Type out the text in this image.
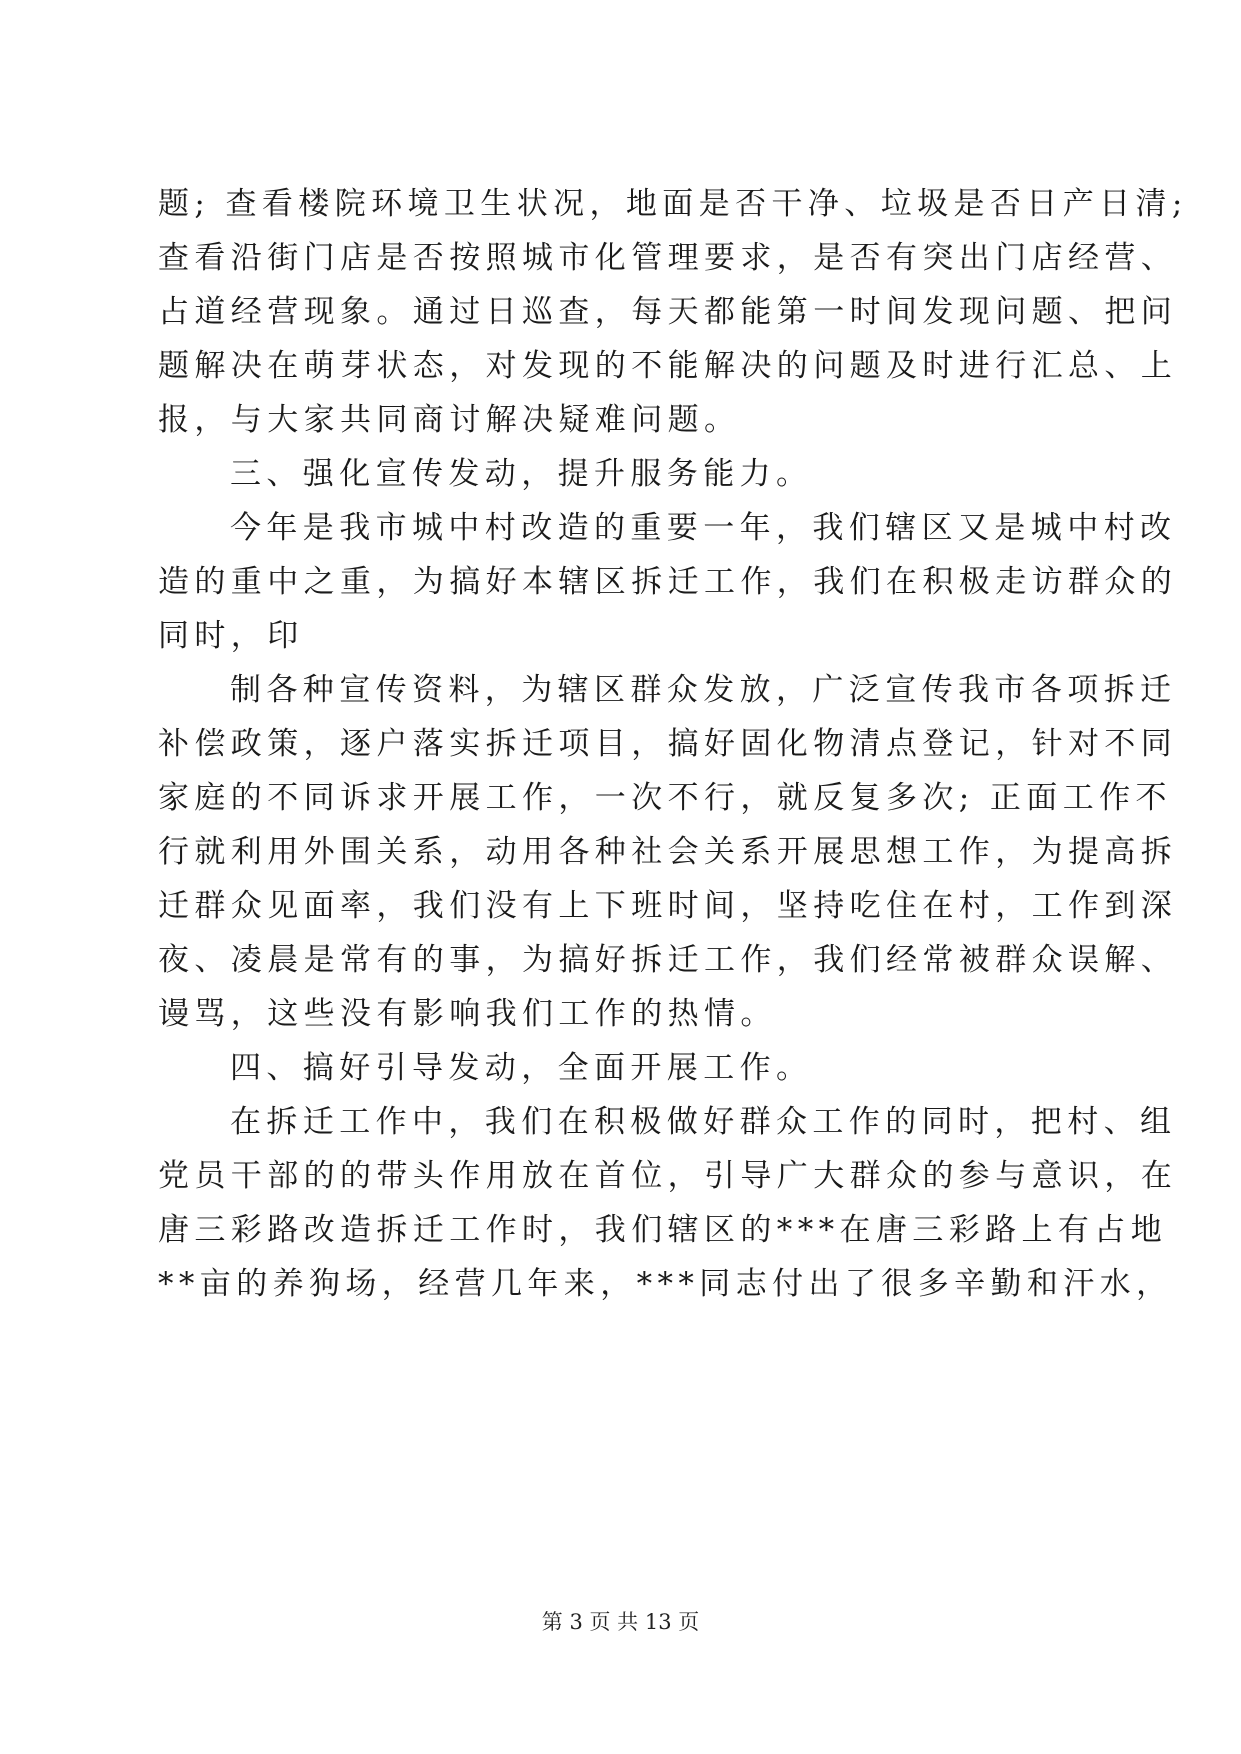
题; 查看楼院环境卫生状况，地面是否干净、垃圾是否日产日清;
查看沿街门店是否按照城市化管理要求，是否有突出门店经营、
占道经营现象。通过日巡查，每天都能第一时间发现问题、把问
题解决在萌芽状态，对发现的不能解决的问题及时进行汇总、上
报，与大家共同商讨解决疑难问题。
三、强化宣传发动，提升服务能力。
今年是我市城中村改造的重要一年，我们辖区又是城中村改
造的重中之重，为搞好本辖区拆迁工作，我们在积极走访群众的
同时，印
制各种宣传资料，为辖区群众发放，广泛宣传我市各项拆迁
补偿政策，逐户落实拆迁项目，搞好固化物清点登记，针对不同
家庭的不同诉求开展工作，一次不行，就反复多次; 正面工作不
行就利用外围关系，动用各种社会关系开展思想工作，为提高拆
迁群众见面率，我们没有上下班时间，坚持吃住在村，工作到深
夜、凌晨是常有的事，为搞好拆迁工作，我们经常被群众误解、
谩骂，这些没有影响我们工作的热情。
四、搞好引导发动，全面开展工作。
在拆迁工作中，我们在积极做好群众工作的同时，把村、组
党员干部的的带头作用放在首位，引导广大群众的参与意识，在
唐三彩路改造拆迁工作时，我们辖区的***在唐三彩路上有占地
**亩的养狗场，经营几年来，***同志付出了很多辛勤和汗水，
第 3 页 共 13 页
